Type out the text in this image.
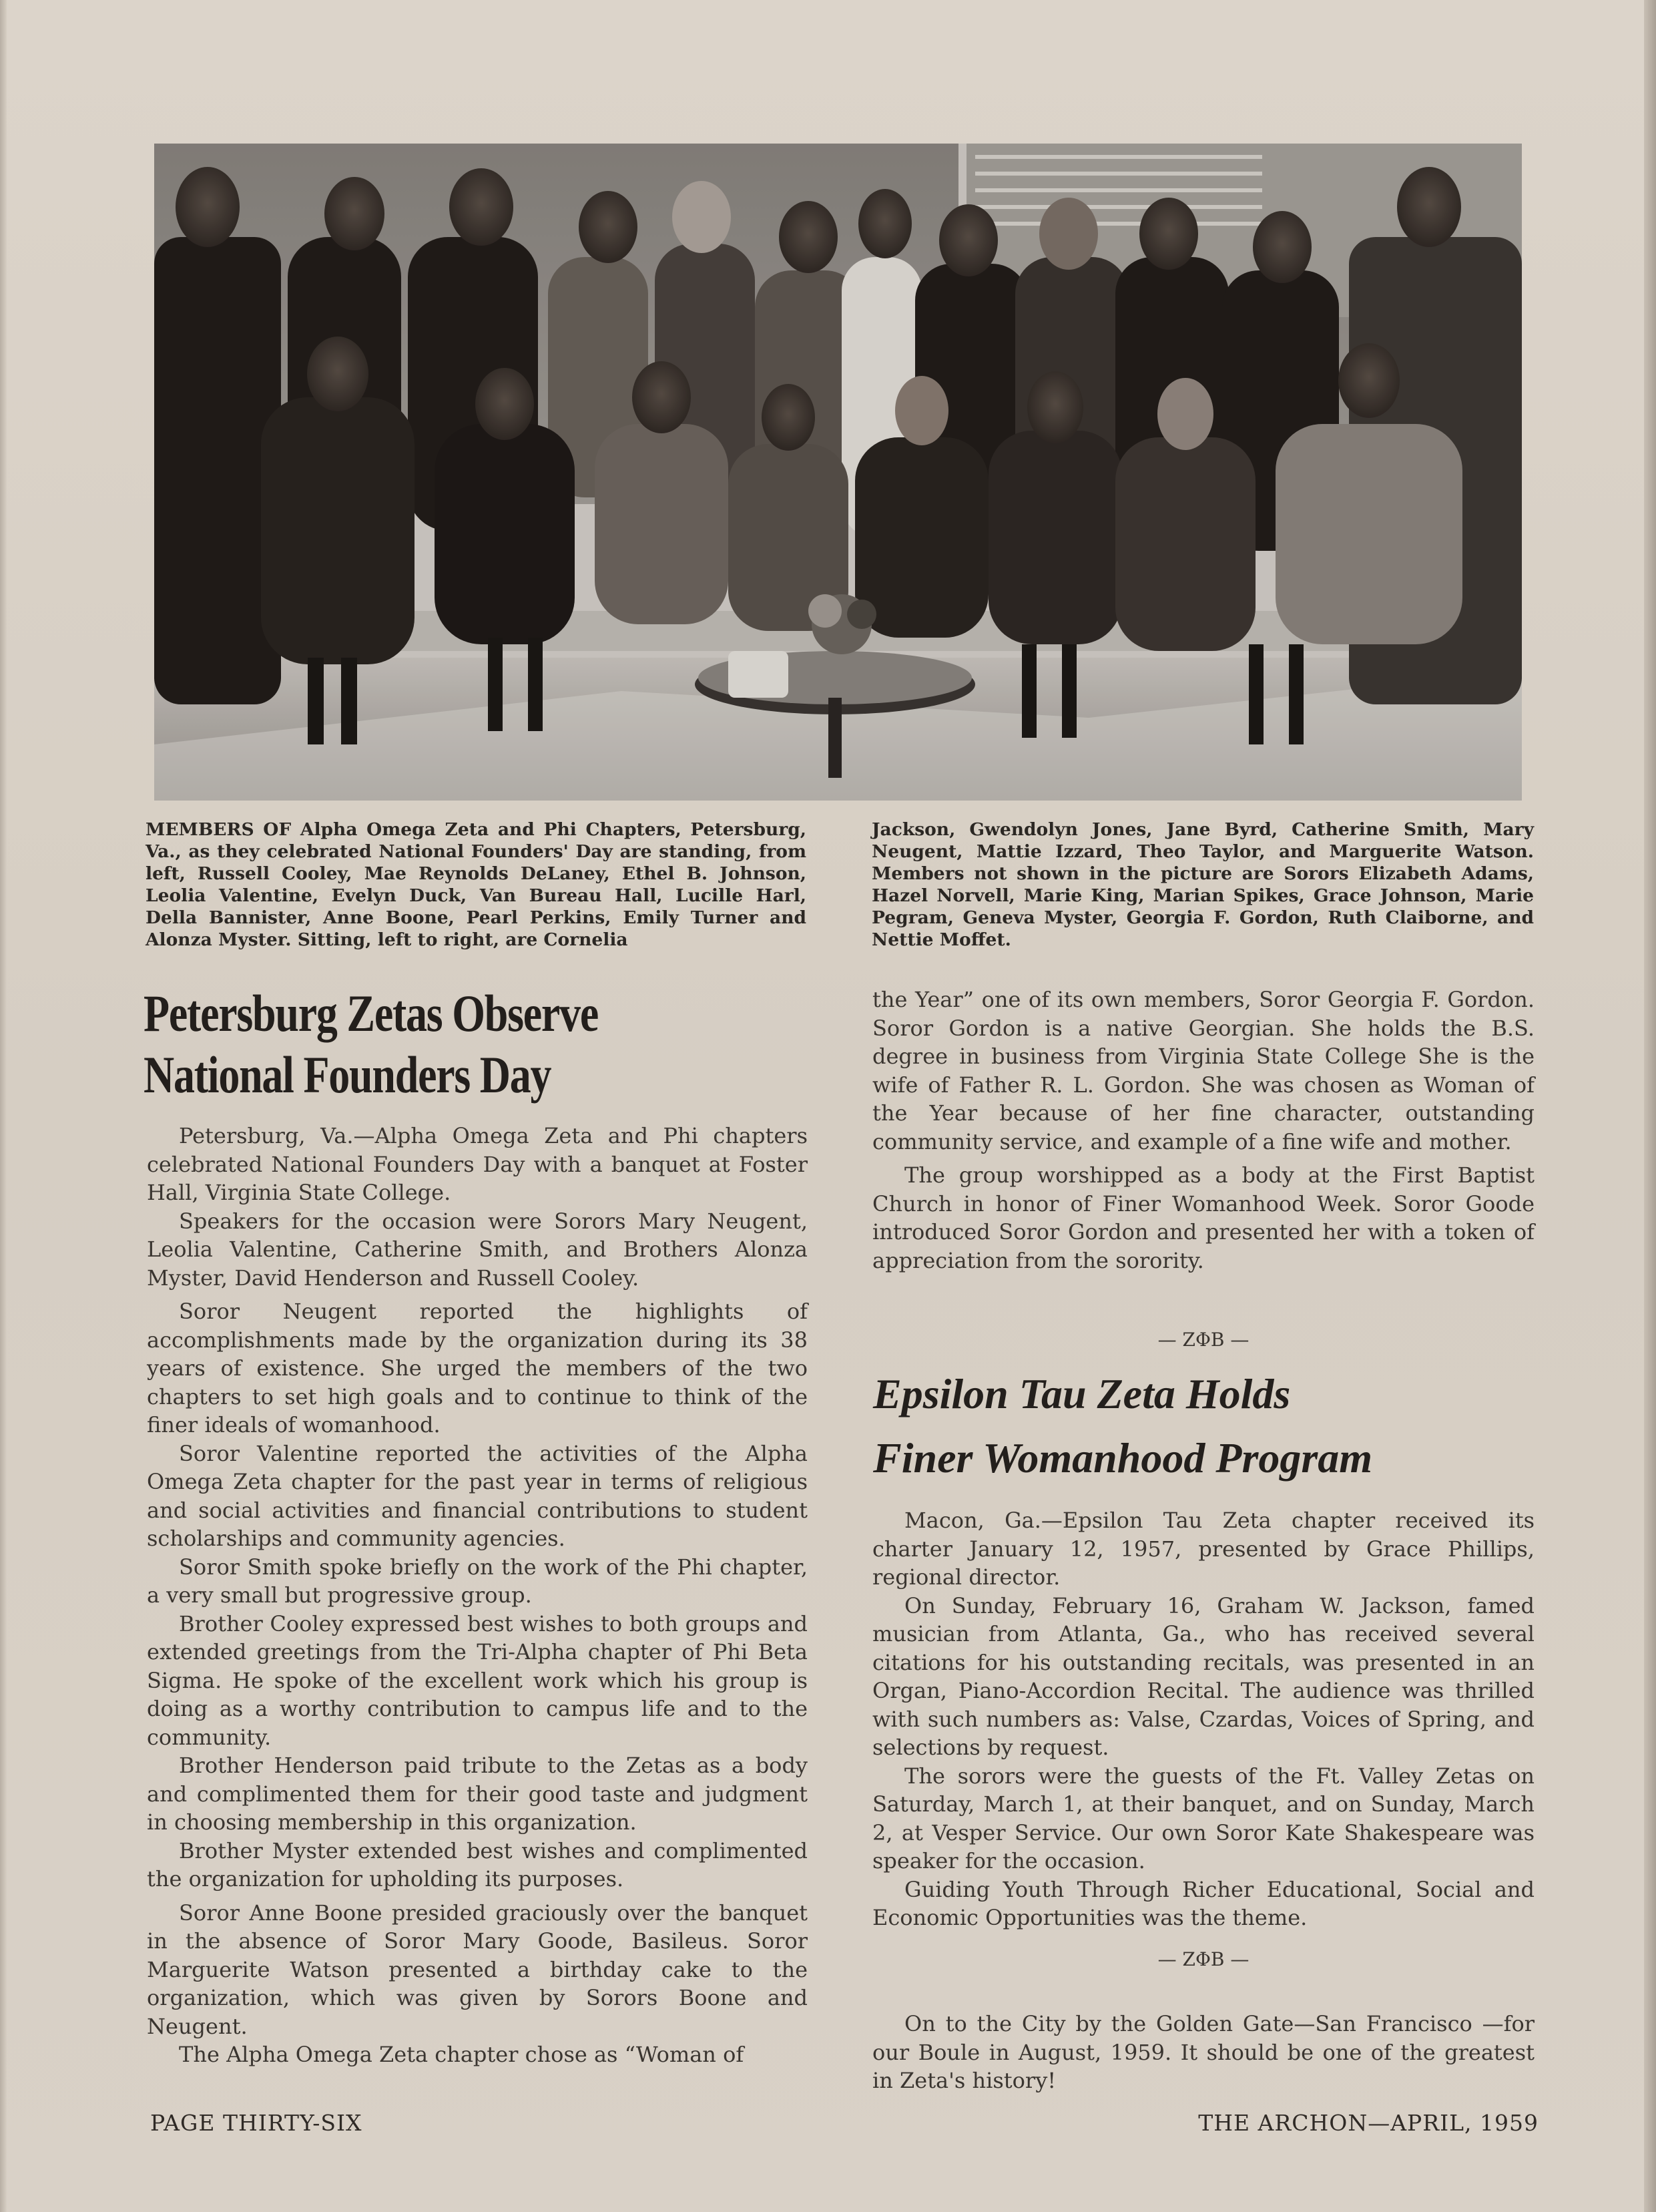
MEMBERS OF Alpha Omega Zeta and Phi Chapters, Petersburg, Va., as they celebrated National Founders' Day are standing, from left, Russell Cooley, Mae Reynolds DeLaney, Ethel B. Johnson, Leolia Valentine, Evelyn Duck, Van Bureau Hall, Lucille Harl, Della Bannister, Anne Boone, Pearl Perkins, Emily Turner and Alonza Myster. Sitting, left to right, are Cornelia

Jackson, Gwendolyn Jones, Jane Byrd, Catherine Smith, Mary Neugent, Mattie Izzard, Theo Taylor, and Marguerite Watson. Members not shown in the picture are Sorors Elizabeth Adams, Hazel Norvell, Marie King, Marian Spikes, Grace Johnson, Marie Pegram, Geneva Myster, Georgia F. Gordon, Ruth Claiborne, and Nettie Moffet.

Petersburg Zetas Observe
National Founders Day

Petersburg, Va.—Alpha Omega Zeta and Phi chapters celebrated National Founders Day with a banquet at Foster Hall, Virginia State College.

Speakers for the occasion were Sorors Mary Neugent, Leolia Valentine, Catherine Smith, and Brothers Alonza Myster, David Henderson and Russell Cooley.

Soror Neugent reported the highlights of accomplishments made by the organization during its 38 years of existence. She urged the members of the two chapters to set high goals and to continue to think of the finer ideals of womanhood.

Soror Valentine reported the activities of the Alpha Omega Zeta chapter for the past year in terms of religious and social activities and financial contributions to student scholarships and community agencies.

Soror Smith spoke briefly on the work of the Phi chapter, a very small but progressive group.

Brother Cooley expressed best wishes to both groups and extended greetings from the Tri-Alpha chapter of Phi Beta Sigma. He spoke of the excellent work which his group is doing as a worthy contribution to campus life and to the community.

Brother Henderson paid tribute to the Zetas as a body and complimented them for their good taste and judgment in choosing membership in this organization.

Brother Myster extended best wishes and complimented the organization for upholding its purposes.

Soror Anne Boone presided graciously over the banquet in the absence of Soror Mary Goode, Basileus. Soror Marguerite Watson presented a birthday cake to the organization, which was given by Sorors Boone and Neugent.

The Alpha Omega Zeta chapter chose as “Woman of

the Year” one of its own members, Soror Georgia F. Gordon. Soror Gordon is a native Georgian. She holds the B.S. degree in business from Virginia State College She is the wife of Father R. L. Gordon. She was chosen as Woman of the Year because of her fine character, outstanding community service, and example of a fine wife and mother.

The group worshipped as a body at the First Baptist Church in honor of Finer Womanhood Week. Soror Goode introduced Soror Gordon and presented her with a token of appreciation from the sorority.

— ZΦB —
Epsilon Tau Zeta Holds
Finer Womanhood Program

Macon, Ga.—Epsilon Tau Zeta chapter received its charter January 12, 1957, presented by Grace Phillips, regional director.

On Sunday, February 16, Graham W. Jackson, famed musician from Atlanta, Ga., who has received several citations for his outstanding recitals, was presented in an Organ, Piano-Accordion Recital. The audience was thrilled with such numbers as: Valse, Czardas, Voices of Spring, and selections by request.

The sorors were the guests of the Ft. Valley Zetas on Saturday, March 1, at their banquet, and on Sunday, March 2, at Vesper Service. Our own Soror Kate Shakespeare was speaker for the occasion.

Guiding Youth Through Richer Educational, Social and Economic Opportunities was the theme.

— ZΦB —

On to the City by the Golden Gate—San Francisco —for our Boule in August, 1959. It should be one of the greatest in Zeta's history!

PAGE THIRTY-SIX	THE ARCHON—APRIL, 1959
